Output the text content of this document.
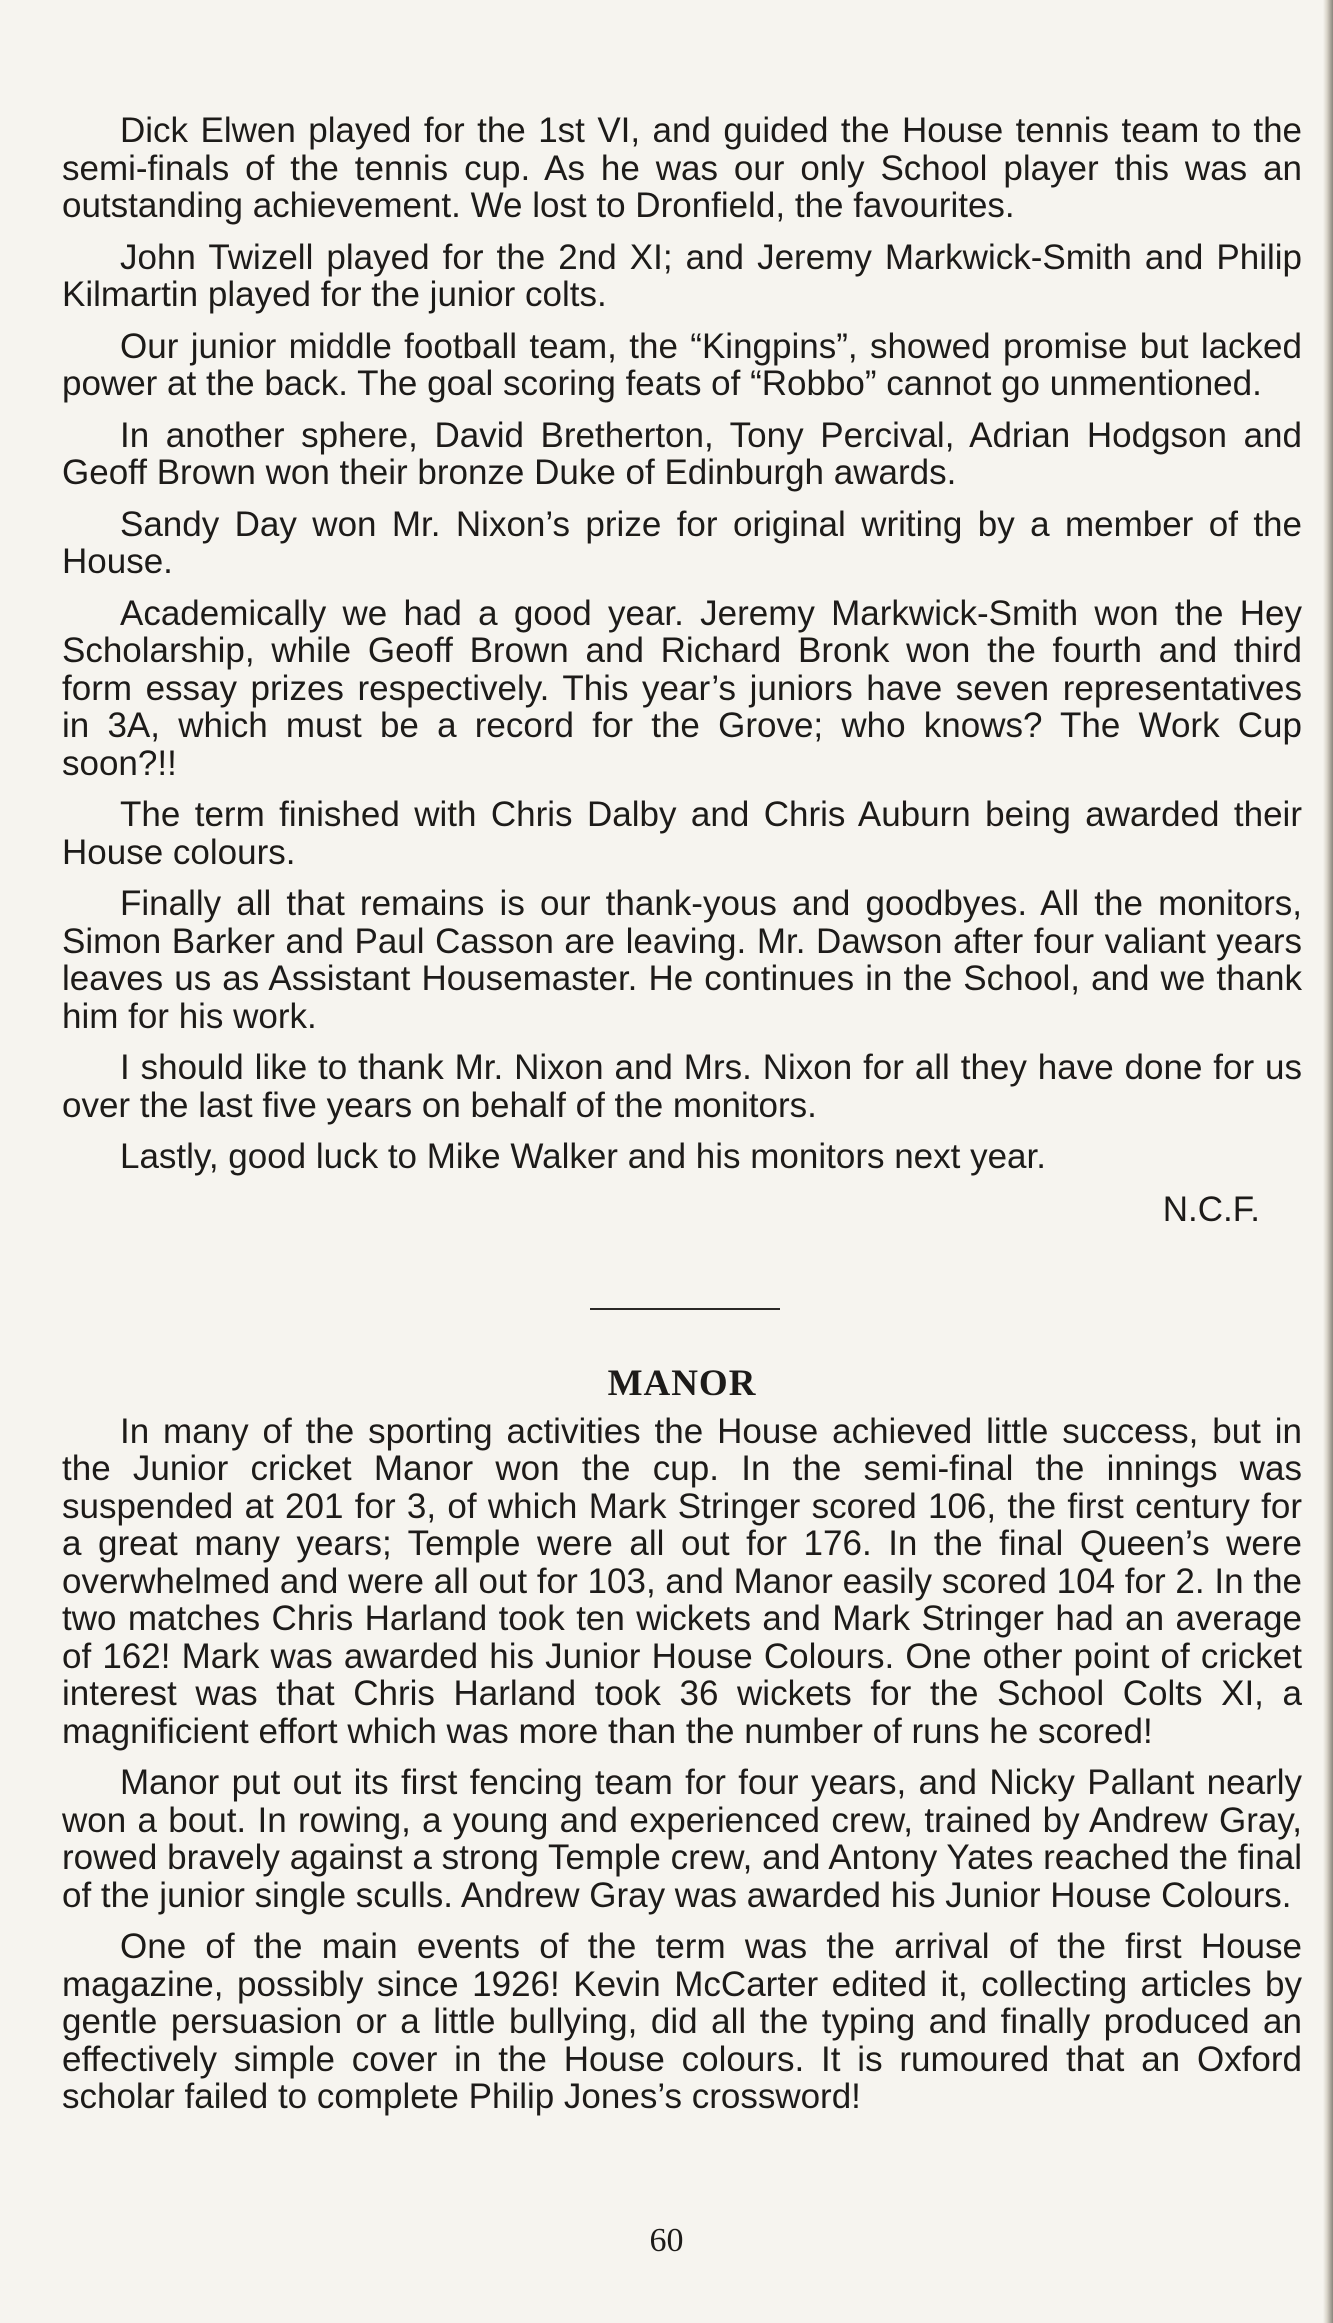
Dick Elwen played for the 1st VI, and guided the House tennis team to the semi-finals of the tennis cup. As he was our only School player this was an outstanding achievement. We lost to Dronfield, the favourites.

John Twizell played for the 2nd XI; and Jeremy Markwick-Smith and Philip Kilmartin played for the junior colts.

Our junior middle football team, the “Kingpins”, showed promise but lacked power at the back. The goal scoring feats of “Robbo” cannot go unmentioned.

In another sphere, David Bretherton, Tony Percival, Adrian Hodgson and Geoff Brown won their bronze Duke of Edinburgh awards.

Sandy Day won Mr. Nixon’s prize for original writing by a member of the House.

Academically we had a good year. Jeremy Markwick-Smith won the Hey Scholarship, while Geoff Brown and Richard Bronk won the fourth and third form essay prizes respectively. This year’s juniors have seven representatives in 3A, which must be a record for the Grove; who knows? The Work Cup soon?!!

The term finished with Chris Dalby and Chris Auburn being awarded their House colours.

Finally all that remains is our thank-yous and goodbyes. All the monitors, Simon Barker and Paul Casson are leaving. Mr. Dawson after four valiant years leaves us as Assistant Housemaster. He continues in the School, and we thank him for his work.

I should like to thank Mr. Nixon and Mrs. Nixon for all they have done for us over the last five years on behalf of the monitors.

Lastly, good luck to Mike Walker and his monitors next year.

N.C.F.
MANOR

In many of the sporting activities the House achieved little success, but in the Junior cricket Manor won the cup. In the semi-final the innings was suspended at 201 for 3, of which Mark Stringer scored 106, the first century for a great many years; Temple were all out for 176. In the final Queen’s were overwhelmed and were all out for 103, and Manor easily scored 104 for 2. In the two matches Chris Harland took ten wickets and Mark Stringer had an average of 162! Mark was awarded his Junior House Colours. One other point of cricket interest was that Chris Harland took 36 wickets for the School Colts XI, a magnificient effort which was more than the number of runs he scored!

Manor put out its first fencing team for four years, and Nicky Pallant nearly won a bout. In rowing, a young and experienced crew, trained by Andrew Gray, rowed bravely against a strong Temple crew, and Antony Yates reached the final of the junior single sculls. Andrew Gray was awarded his Junior House Colours.

One of the main events of the term was the arrival of the first House magazine, possibly since 1926! Kevin McCarter edited it, collecting articles by gentle persuasion or a little bullying, did all the typing and finally produced an effectively simple cover in the House colours. It is rumoured that an Oxford scholar failed to complete Philip Jones’s crossword!

60
